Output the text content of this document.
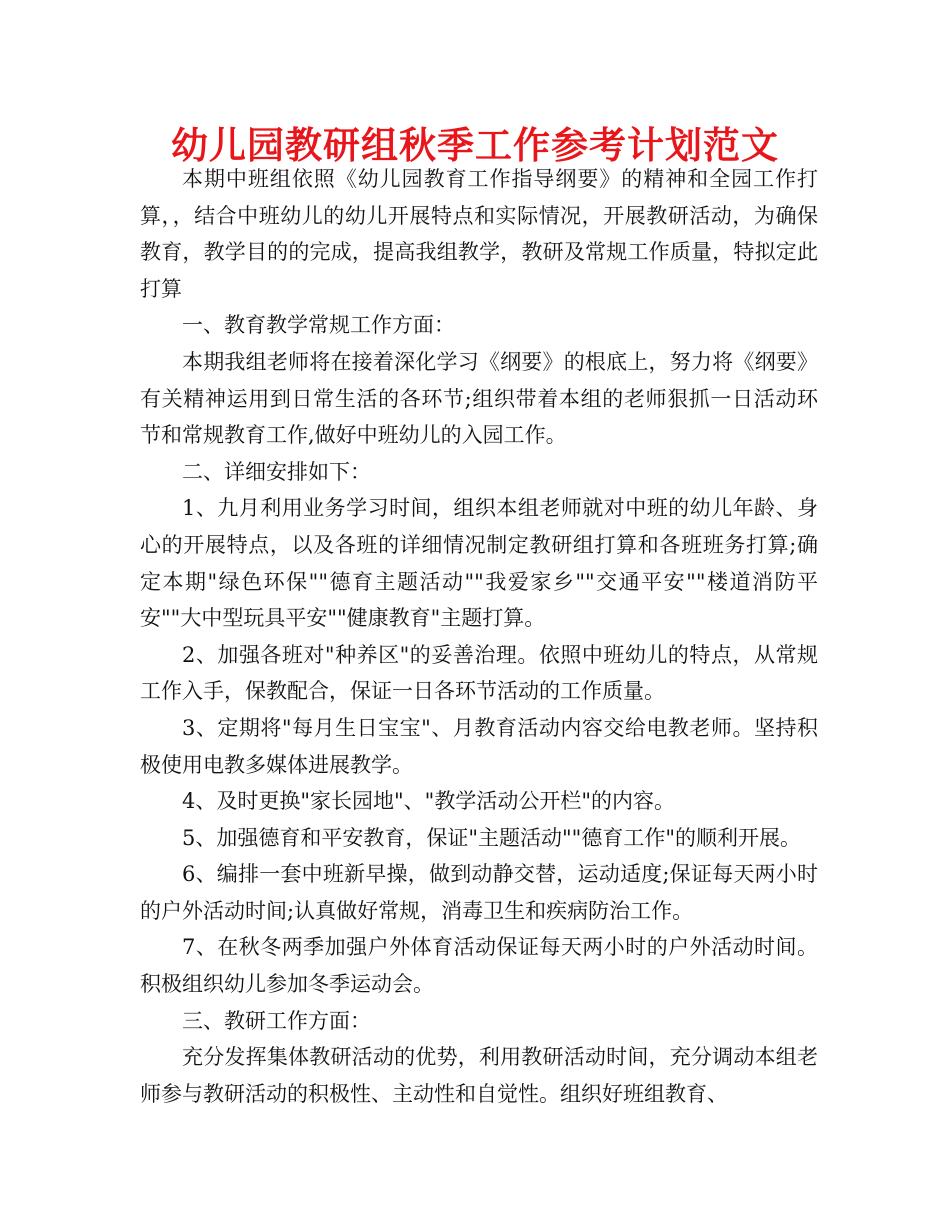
幼儿园教研组秋季工作参考计划范文

本期中班组依照《幼儿园教育工作指导纲要》的精神和全园工作打算，，结合中班幼儿的幼儿开展特点和实际情况，开展教研活动，为确保教育，教学目的的完成，提高我组教学，教研及常规工作质量，特拟定此打算

一、教育教学常规工作方面：

本期我组老师将在接着深化学习《纲要》的根底上，努力将《纲要》有关精神运用到日常生活的各环节;组织带着本组的老师狠抓一日活动环节和常规教育工作,做好中班幼儿的入园工作。

二、详细安排如下：

1、九月利用业务学习时间，组织本组老师就对中班的幼儿年龄、身心的开展特点，以及各班的详细情况制定教研组打算和各班班务打算;确定本期"绿色环保""德育主题活动""我爱家乡""交通平安""楼道消防平安""大中型玩具平安""健康教育"主题打算。

2、加强各班对"种养区"的妥善治理。依照中班幼儿的特点，从常规工作入手，保教配合，保证一日各环节活动的工作质量。

3、定期将"每月生日宝宝"、月教育活动内容交给电教老师。坚持积极使用电教多媒体进展教学。

4、及时更换"家长园地"、"教学活动公开栏"的内容。

5、加强德育和平安教育，保证"主题活动""德育工作"的顺利开展。

6、编排一套中班新早操，做到动静交替，运动适度;保证每天两小时的户外活动时间;认真做好常规，消毒卫生和疾病防治工作。

7、在秋冬两季加强户外体育活动保证每天两小时的户外活动时间。积极组织幼儿参加冬季运动会。

三、教研工作方面：

充分发挥集体教研活动的优势，利用教研活动时间，充分调动本组老师参与教研活动的积极性、主动性和自觉性。组织好班组教育、
